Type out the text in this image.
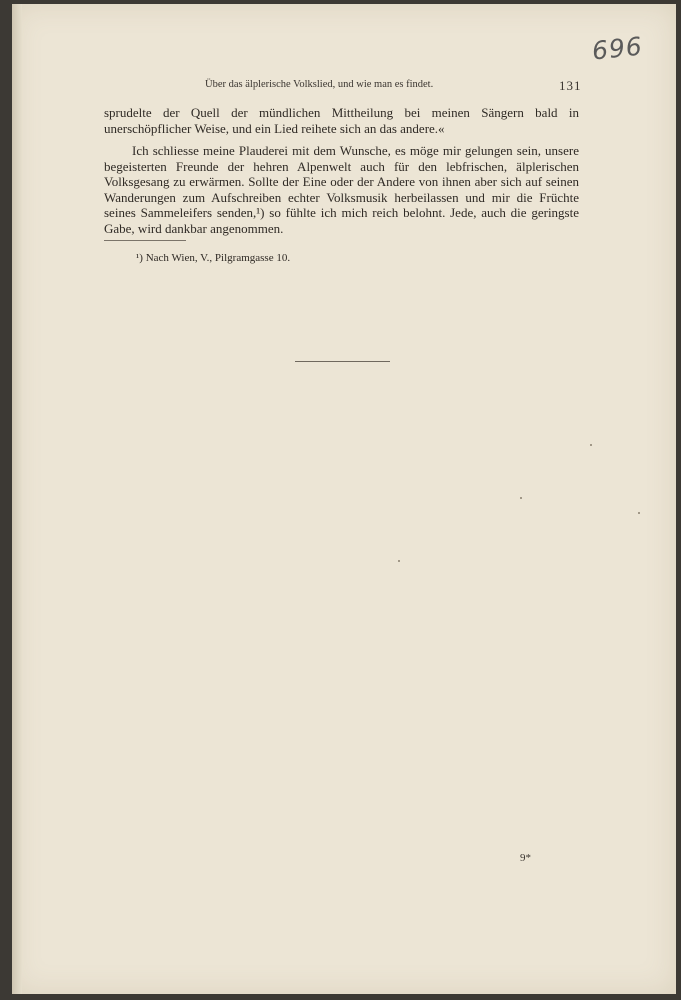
696
Über das älplerische Volkslied, und wie man es findet.	131
sprudelte der Quell der mündlichen Mittheilung bei meinen Sängern bald in unerschöpflicher Weise, und ein Lied reihete sich an das andere.«
Ich schliesse meine Plauderei mit dem Wunsche, es möge mir gelungen sein, unsere begeisterten Freunde der hehren Alpenwelt auch für den lebfrischen, älplerischen Volksgesang zu erwärmen. Sollte der Eine oder der Andere von ihnen aber sich auf seinen Wanderungen zum Aufschreiben echter Volksmusik herbeilassen und mir die Früchte seines Sammeleifers senden,¹) so fühlte ich mich reich belohnt. Jede, auch die geringste Gabe, wird dankbar angenommen.
¹) Nach Wien, V., Pilgramgasse 10.
9*
